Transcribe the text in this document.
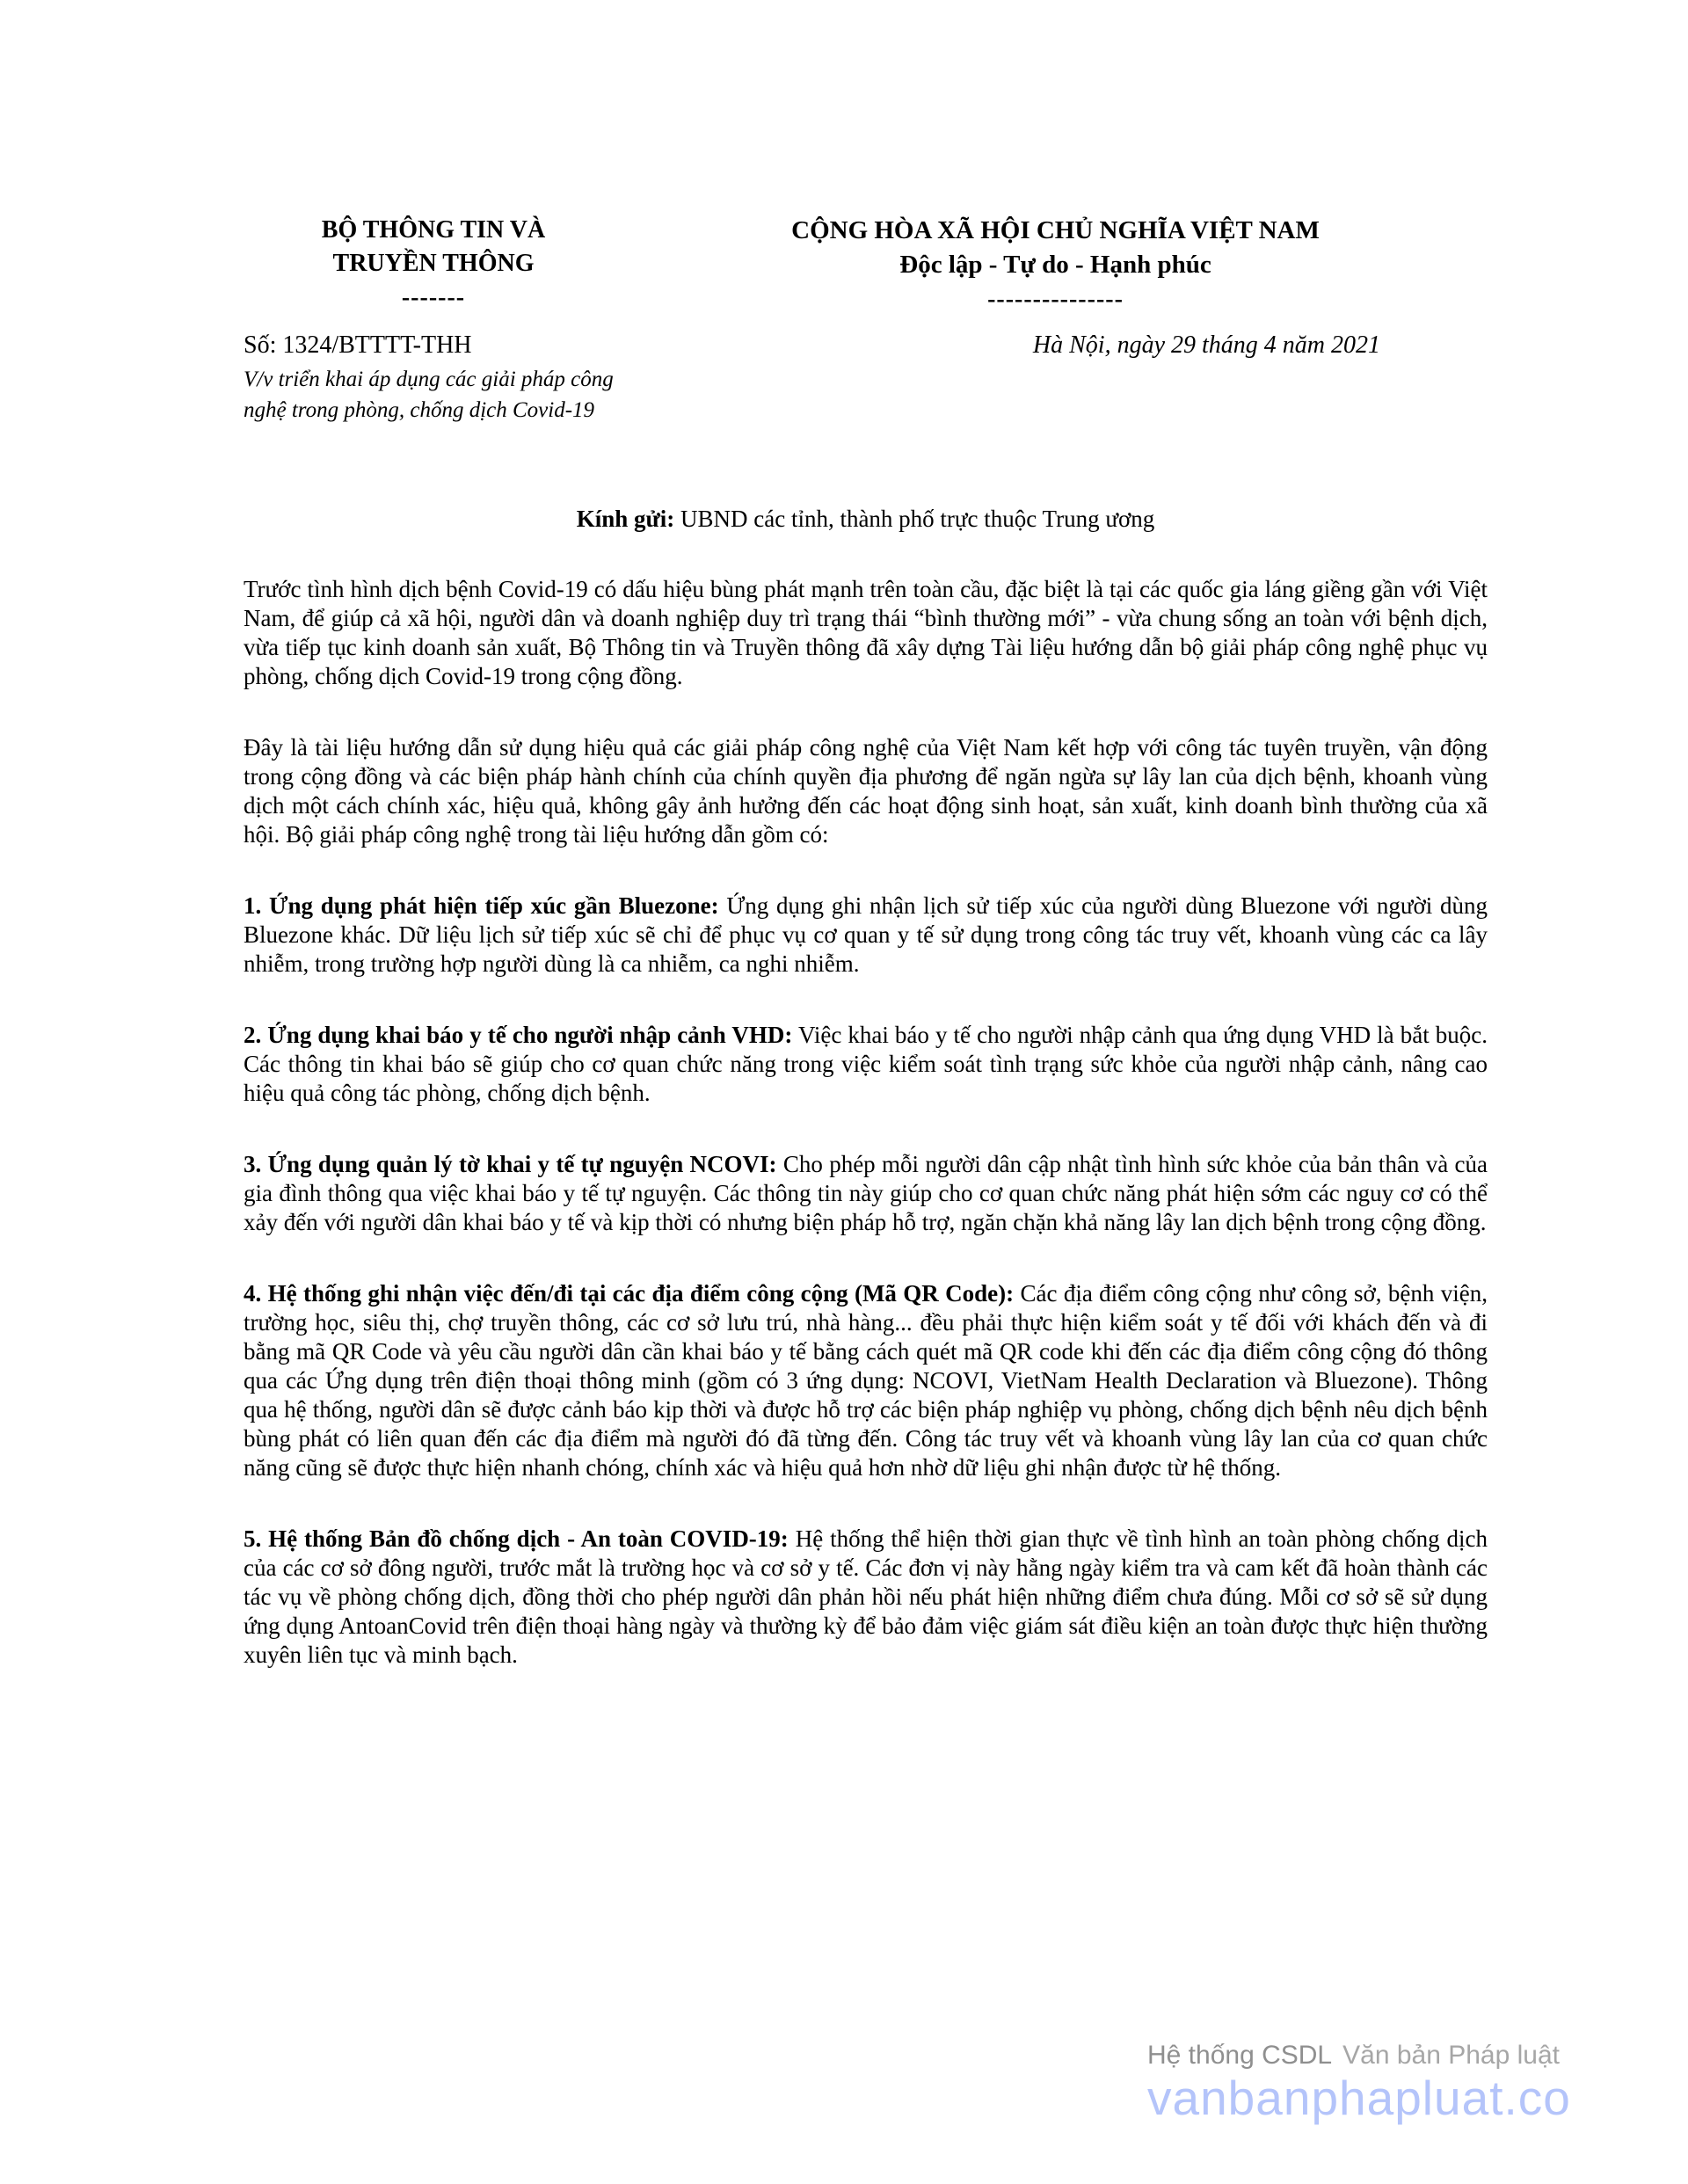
BỘ THÔNG TIN VÀ
TRUYỀN THÔNG
-------
CỘNG HÒA XÃ HỘI CHỦ NGHĨA VIỆT NAM
Độc lập - Tự do - Hạnh phúc
---------------
Số: 1324/BTTTT-THH
V/v triển khai áp dụng các giải pháp công
nghệ trong phòng, chống dịch Covid-19
Hà Nội, ngày 29 tháng 4 năm 2021

Kính gửi: UBND các tỉnh, thành phố trực thuộc Trung ương

Trước tình hình dịch bệnh Covid-19 có dấu hiệu bùng phát mạnh trên toàn cầu, đặc biệt là tại các quốc gia láng giềng gần với Việt Nam, để giúp cả xã hội, người dân và doanh nghiệp duy trì trạng thái “bình thường mới” - vừa chung sống an toàn với bệnh dịch, vừa tiếp tục kinh doanh sản xuất, Bộ Thông tin và Truyền thông đã xây dựng Tài liệu hướng dẫn bộ giải pháp công nghệ phục vụ phòng, chống dịch Covid-19 trong cộng đồng.

Đây là tài liệu hướng dẫn sử dụng hiệu quả các giải pháp công nghệ của Việt Nam kết hợp với công tác tuyên truyền, vận động trong cộng đồng và các biện pháp hành chính của chính quyền địa phương để ngăn ngừa sự lây lan của dịch bệnh, khoanh vùng dịch một cách chính xác, hiệu quả, không gây ảnh hưởng đến các hoạt động sinh hoạt, sản xuất, kinh doanh bình thường của xã hội. Bộ giải pháp công nghệ trong tài liệu hướng dẫn gồm có:

1. Ứng dụng phát hiện tiếp xúc gần Bluezone: Ứng dụng ghi nhận lịch sử tiếp xúc của người dùng Bluezone với người dùng Bluezone khác. Dữ liệu lịch sử tiếp xúc sẽ chỉ để phục vụ cơ quan y tế sử dụng trong công tác truy vết, khoanh vùng các ca lây nhiễm, trong trường hợp người dùng là ca nhiễm, ca nghi nhiễm.

2. Ứng dụng khai báo y tế cho người nhập cảnh VHD: Việc khai báo y tế cho người nhập cảnh qua ứng dụng VHD là bắt buộc. Các thông tin khai báo sẽ giúp cho cơ quan chức năng trong việc kiểm soát tình trạng sức khỏe của người nhập cảnh, nâng cao hiệu quả công tác phòng, chống dịch bệnh.

3. Ứng dụng quản lý tờ khai y tế tự nguyện NCOVI: Cho phép mỗi người dân cập nhật tình hình sức khỏe của bản thân và của gia đình thông qua việc khai báo y tế tự nguyện. Các thông tin này giúp cho cơ quan chức năng phát hiện sớm các nguy cơ có thể xảy đến với người dân khai báo y tế và kịp thời có nhưng biện pháp hỗ trợ, ngăn chặn khả năng lây lan dịch bệnh trong cộng đồng.

4. Hệ thống ghi nhận việc đến/đi tại các địa điểm công cộng (Mã QR Code): Các địa điểm công cộng như công sở, bệnh viện, trường học, siêu thị, chợ truyền thông, các cơ sở lưu trú, nhà hàng... đều phải thực hiện kiểm soát y tế đối với khách đến và đi bằng mã QR Code và yêu cầu người dân cần khai báo y tế bằng cách quét mã QR code khi đến các địa điểm công cộng đó thông qua các Ứng dụng trên điện thoại thông minh (gồm có 3 ứng dụng: NCOVI, VietNam Health Declaration và Bluezone). Thông qua hệ thống, người dân sẽ được cảnh báo kịp thời và được hỗ trợ các biện pháp nghiệp vụ phòng, chống dịch bệnh nêu dịch bệnh bùng phát có liên quan đến các địa điểm mà người đó đã từng đến. Công tác truy vết và khoanh vùng lây lan của cơ quan chức năng cũng sẽ được thực hiện nhanh chóng, chính xác và hiệu quả hơn nhờ dữ liệu ghi nhận được từ hệ thống.

5. Hệ thống Bản đồ chống dịch - An toàn COVID-19: Hệ thống thể hiện thời gian thực về tình hình an toàn phòng chống dịch của các cơ sở đông người, trước mắt là trường học và cơ sở y tế. Các đơn vị này hằng ngày kiểm tra và cam kết đã hoàn thành các tác vụ về phòng chống dịch, đồng thời cho phép người dân phản hồi nếu phát hiện những điểm chưa đúng. Mỗi cơ sở sẽ sử dụng ứng dụng AntoanCovid trên điện thoại hàng ngày và thường kỳ để bảo đảm việc giám sát điều kiện an toàn được thực hiện thường xuyên liên tục và minh bạch.

Hệ thống CSDL Văn bản Pháp luật
vanbanphapluat.co
